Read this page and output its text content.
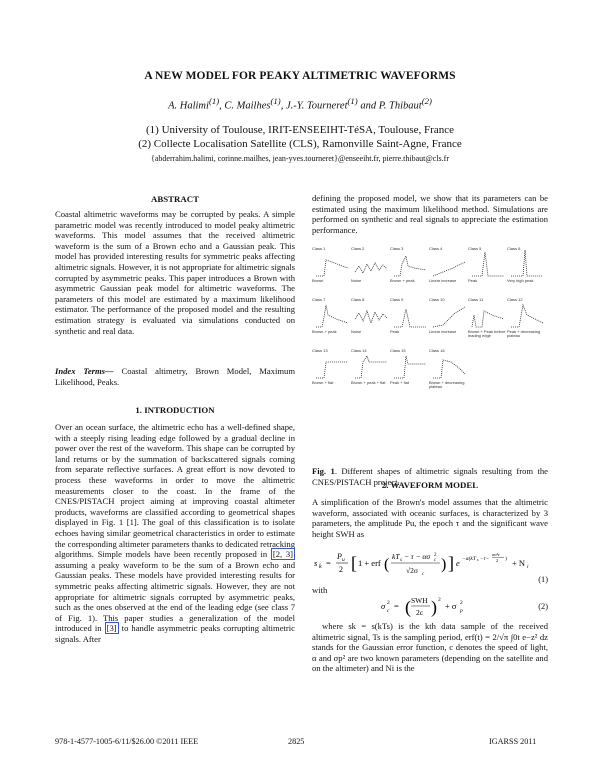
A NEW MODEL FOR PEAKY ALTIMETRIC WAVEFORMS
A. Halimi$^{(1)}$, C. Mailhes$^{(1)}$, J.-Y. Tourneret$^{(1)}$ and P. Thibaut$^{(2)}$
(1) University of Toulouse, IRIT-ENSEEIHT-TéSA, Toulouse, France
(2) Collecte Localisation Satellite (CLS), Ramonville Saint-Agne, France
{abderrahim.halimi, corinne.mailhes, jean-yves.tourneret}@enseeiht.fr, pierre.thibaut@cls.fr
ABSTRACT
Coastal altimetric waveforms may be corrupted by peaks. A simple parametric model was recently introduced to model peaky altimetric waveforms. This model assumes that the received altimetric waveform is the sum of a Brown echo and a Gaussian peak. This model has provided interesting results for symmetric peaks affecting altimetric signals. However, it is not appropriate for altimetric signals corrupted by asymmetric peaks. This paper introduces a Brown with asymmetric Gaussian peak model for altimetric waveforms. The parameters of this model are estimated by a maximum likelihood estimator. The performance of the proposed model and the resulting estimation strategy is evaluated via simulations conducted on synthetic and real data.
Index Terms— Coastal altimetry, Brown Model, Maximum Likelihood, Peaks.
1. INTRODUCTION
Over an ocean surface, the altimetric echo has a well-defined shape, with a steeply rising leading edge followed by a gradual decline in power over the rest of the waveform. This shape can be corrupted by land returns or by the summation of backscattered signals coming from separate reflective surfaces. A great effort is now devoted to process these waveforms in order to move the altimetric measurements closer to the coast. In the frame of the CNES/PISTACH project aiming at improving coastal altimeter products, waveforms are classified according to geometrical shapes displayed in Fig. 1 [1]. The goal of this classification is to isolate echoes having similar geometrical characteristics in order to estimate the corresponding altimeter parameters thanks to dedicated retracking algorithms. Simple models have been recently proposed in [2, 3] assuming a peaky waveform to be the sum of a Brown echo and Gaussian peaks. These models have provided interesting results for symmetric peaks affecting altimetric signals. However, they are not appropriate for altimetric signals corrupted by asymmetric peaks, such as the ones observed at the end of the leading edge (see class 7 of Fig. 1). This paper studies a generalization of the model introduced in [3] to handle asymmetric peaks corrupting altimetric signals. After
defining the proposed model, we show that its parameters can be estimated using the maximum likelihood method. Simulations are performed on synthetic and real signals to appreciate the estimation performance.
Class 1
Brown
Class 2
Noise
Class 3
Brown + peak
Class 4
Linear increase
Class 5
Peak
Class 6
Very high peak
Class 7
Brown + peak
Class 8
Noise
Class 9
Peak
Class 10
Linear increase
Class 11
Brown + Peak before leading edge
Class 12
Peak + decreasing plateau
Class 13
Brown + flat
Class 14
Brown + peak + flat
Class 15
Peak + flat
Class 16
Brown + decreasing plateau
Fig. 1. Different shapes of altimetric signals resulting from the CNES/PISTACH project.
2. WAVEFORM MODEL
A simplification of the Brown's model assumes that the altimetric waveform, associated with oceanic surfaces, is characterized by 3 parameters, the amplitude Pu, the epoch τ and the significant wave height SWH as
s k =
P u
2 [ 1 + erf ( kT s − τ − ασ 2
c
√2σ c
) ] e −α(kT s −τ−
ασ²c
2 ) + N i
(1)
with
σ 2
c = ( SWH
2c ) 2
+ σ 2
p	(2)
where sk = s(kTs) is the kth data sample of the received altimetric signal, Ts is the sampling period, erf(t) = 2/√π ∫0t e−z² dz stands for the Gaussian error function, c denotes the speed of light, α and σp² are two known parameters (depending on the satellite and on the altimeter) and Ni is the
978-1-4577-1005-6/11/$26.00 ©2011 IEEE	2825	IGARSS 2011
